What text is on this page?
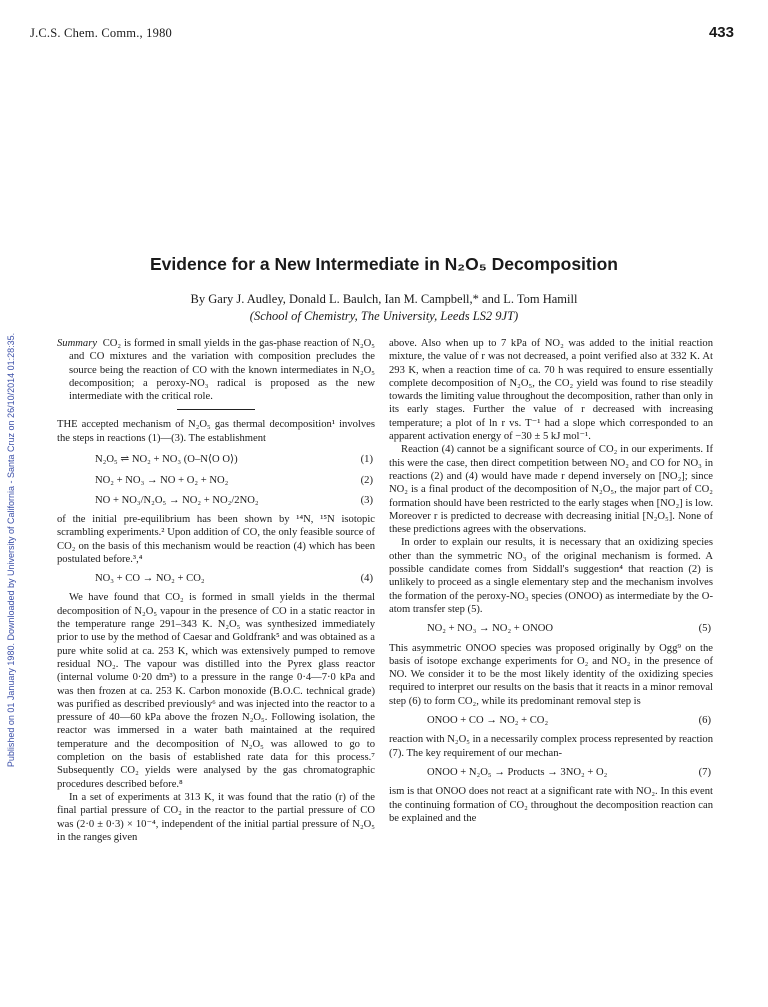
J.C.S. Chem. Comm., 1980	433
Published on 01 January 1980. Downloaded by University of California - Santa Cruz on 26/10/2014 01:28:35.
Evidence for a New Intermediate in N₂O₅ Decomposition
By Gary J. Audley, Donald L. Baulch, Ian M. Campbell,* and L. Tom Hamill
(School of Chemistry, The University, Leeds LS2 9JT)

Summary CO₂ is formed in small yields in the gas-phase reaction of N₂O₅ and CO mixtures and the variation with composition precludes the source being the reaction of CO with the known intermediates in N₂O₅ decomposition; a peroxy-NO₃ radical is proposed as the new intermediate with the critical role.

THE accepted mechanism of N₂O₅ gas thermal decomposition¹ involves the steps in reactions (1)—(3). The establishment

N₂O₅ ⇌ NO₂ + NO₃ (O–N⟨O O⟩)	(1)
NO₂ + NO₃ → NO + O₂ + NO₂	(2)
NO + NO₃/N₂O₅ → NO₂ + NO₂/2NO₂	(3)

of the initial pre-equilibrium has been shown by ¹⁴N, ¹⁵N isotopic scrambling experiments.² Upon addition of CO, the only feasible source of CO₂ on the basis of this mechanism would be reaction (4) which has been postulated before.³,⁴

NO₃ + CO → NO₂ + CO₂	(4)

We have found that CO₂ is formed in small yields in the thermal decomposition of N₂O₅ vapour in the presence of CO in a static reactor in the temperature range 291–343 K. N₂O₅ was synthesized immediately prior to use by the method of Caesar and Goldfrank⁵ and was obtained as a pure white solid at ca. 253 K, which was extensively pumped to remove residual NO₂. The vapour was distilled into the Pyrex glass reactor (internal volume 0·20 dm³) to a pressure in the range 0·4—7·0 kPa and was then frozen at ca. 253 K. Carbon monoxide (B.O.C. technical grade) was purified as described previously⁶ and was injected into the reactor to a pressure of 40—60 kPa above the frozen N₂O₅. Following isolation, the reactor was immersed in a water bath maintained at the required temperature and the decomposition of N₂O₅ was allowed to go to completion on the basis of established rate data for this process.⁷ Subsequently CO₂ yields were analysed by the gas chromatographic procedures described before.⁸

In a set of experiments at 313 K, it was found that the ratio (r) of the final partial pressure of CO₂ in the reactor to the partial pressure of CO was (2·0 ± 0·3) × 10⁻⁴, independent of the initial partial pressure of N₂O₅ in the ranges given

above. Also when up to 7 kPa of NO₂ was added to the initial reaction mixture, the value of r was not decreased, a point verified also at 332 K. At 293 K, when a reaction time of ca. 70 h was required to ensure essentially complete decomposition of N₂O₅, the CO₂ yield was found to rise steadily towards the limiting value throughout the decomposition, rather than only in its early stages. Further the value of r decreased with increasing temperature; a plot of ln r vs. T⁻¹ had a slope which corresponded to an apparent activation energy of −30 ± 5 kJ mol⁻¹.

Reaction (4) cannot be a significant source of CO₂ in our experiments. If this were the case, then direct competition between NO₂ and CO for NO₃ in reactions (2) and (4) would have made r depend inversely on [NO₂]; since NO₂ is a final product of the decomposition of N₂O₅, the major part of CO₂ formation should have been restricted to the early stages when [NO₂] is low. Moreover r is predicted to decrease with decreasing initial [N₂O₅]. None of these predictions agrees with the observations.

In order to explain our results, it is necessary that an oxidizing species other than the symmetric NO₃ of the original mechanism is formed. A possible candidate comes from Siddall's suggestion⁴ that reaction (2) is unlikely to proceed as a single elementary step and the mechanism involves the formation of the peroxy-NO₃ species (ONOO) as intermediate by the O-atom transfer step (5).

NO₂ + NO₃ → NO₂ + ONOO	(5)

This asymmetric ONOO species was proposed originally by Ogg⁹ on the basis of isotope exchange experiments for O₂ and NO₂ in the presence of NO. We consider it to be the most likely identity of the oxidizing species required to interpret our results on the basis that it reacts in a minor removal step (6) to form CO₂, while its predominant removal step is

ONOO + CO → NO₂ + CO₂	(6)

reaction with N₂O₅ in a necessarily complex process represented by reaction (7). The key requirement of our mechan-

ONOO + N₂O₅ → Products → 3NO₂ + O₂	(7)

ism is that ONOO does not react at a significant rate with NO₂. In this event the continuing formation of CO₂ throughout the decomposition reaction can be explained and the
